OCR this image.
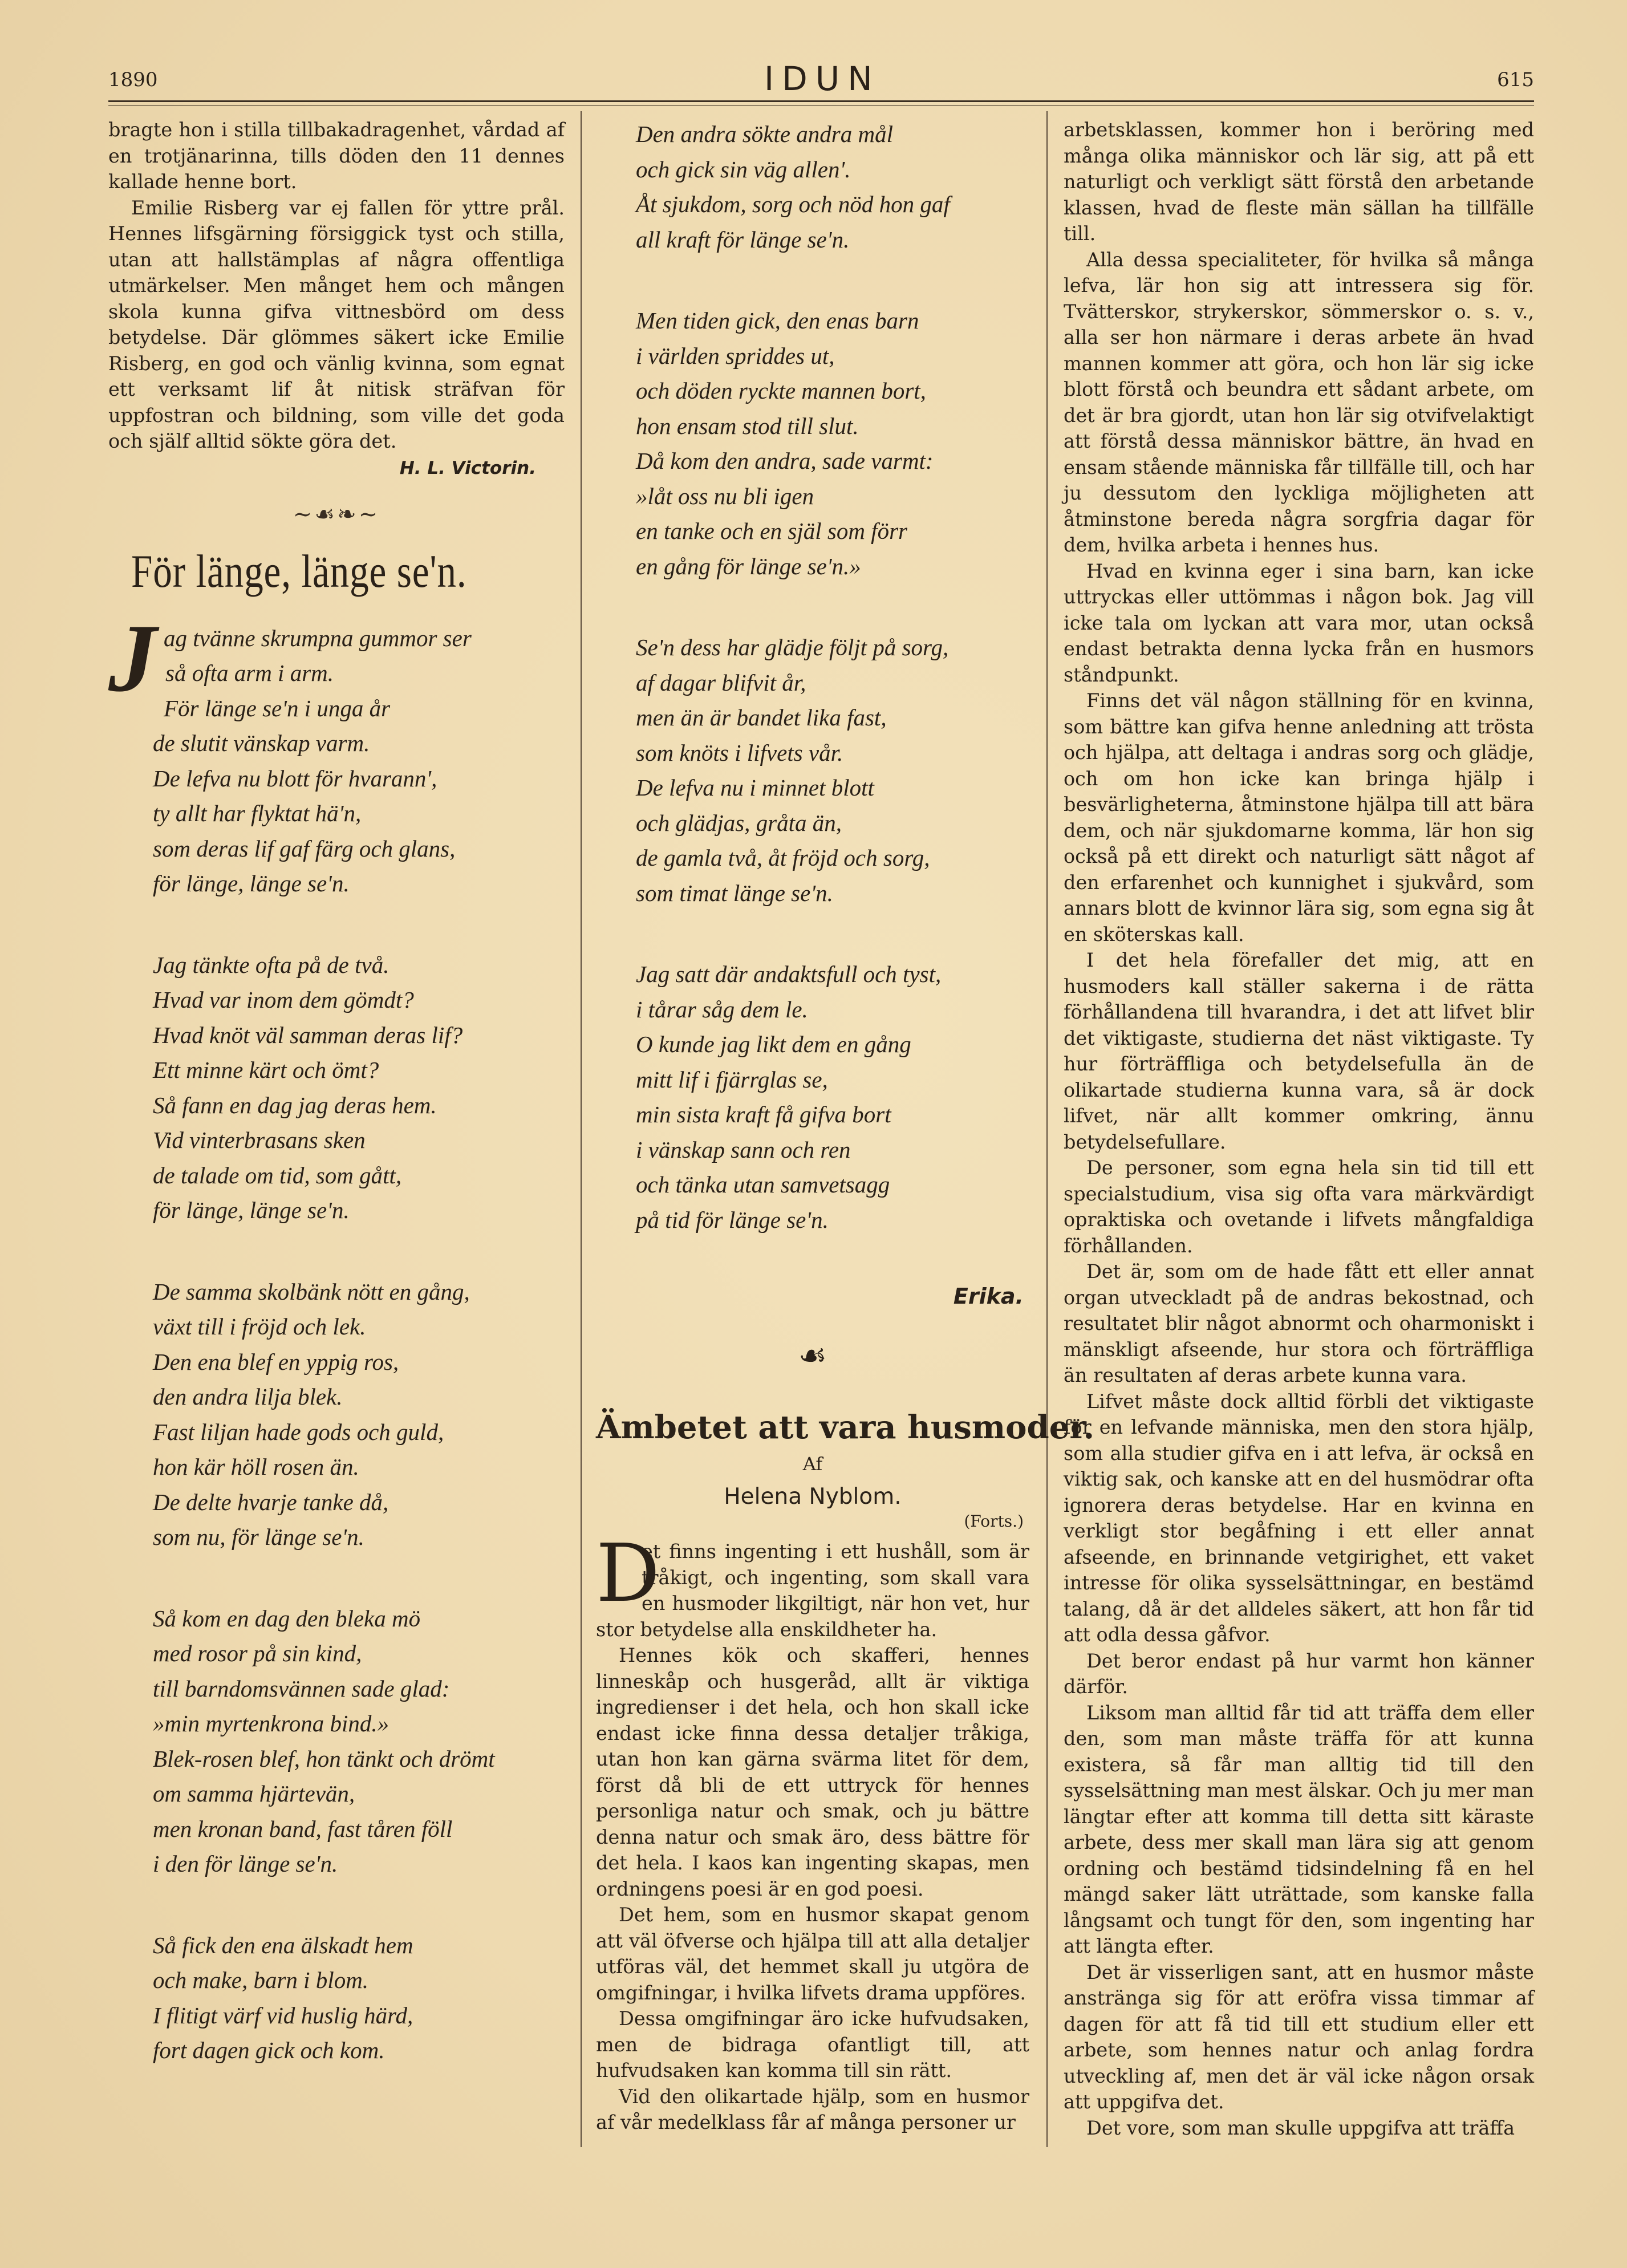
1890	IDUN	615

bragte hon i stilla tillbakadragenhet, vårdad af en trotjänarinna, tills döden den 11 dennes kallade henne bort.

Emilie Risberg var ej fallen för yttre prål. Hennes lifsgärning försiggick tyst och stilla, utan att hallstämplas af några offentliga utmärkelser. Men månget hem och mången skola kunna gifva vittnesbörd om dess betydelse. Där glömmes säkert icke Emilie Risberg, en god och vänlig kvinna, som egnat ett verksamt lif åt nitisk sträfvan för uppfostran och bildning, som ville det goda och själf alltid sökte göra det.

H. L. Victorin.
~☙❧~
För länge, länge se'n.
J ag tvänne skrumpna gummor ser
så ofta arm i arm.
För länge se'n i unga år
de slutit vänskap varm.
De lefva nu blott för hvarann',
ty allt har flyktat hä'n,
som deras lif gaf färg och glans,
för länge, länge se'n.
Jag tänkte ofta på de två.
Hvad var inom dem gömdt?
Hvad knöt väl samman deras lif?
Ett minne kärt och ömt?
Så fann en dag jag deras hem.
Vid vinterbrasans sken
de talade om tid, som gått,
för länge, länge se'n.
De samma skolbänk nött en gång,
växt till i fröjd och lek.
Den ena blef en yppig ros,
den andra lilja blek.
Fast liljan hade gods och guld,
hon kär höll rosen än.
De delte hvarje tanke då,
som nu, för länge se'n.
Så kom en dag den bleka mö
med rosor på sin kind,
till barndomsvännen sade glad:
»min myrtenkrona bind.»
Blek-rosen blef, hon tänkt och drömt
om samma hjärtevän,
men kronan band, fast tåren föll
i den för länge se'n.
Så fick den ena älskadt hem
och make, barn i blom.
I flitigt värf vid huslig härd,
fort dagen gick och kom.
Den andra sökte andra mål
och gick sin väg allen'.
Åt sjukdom, sorg och nöd hon gaf
all kraft för länge se'n.
Men tiden gick, den enas barn
i världen spriddes ut,
och döden ryckte mannen bort,
hon ensam stod till slut.
Då kom den andra, sade varmt:
»låt oss nu bli igen
en tanke och en själ som förr
en gång för länge se'n.»
Se'n dess har glädje följt på sorg,
af dagar blifvit år,
men än är bandet lika fast,
som knöts i lifvets vår.
De lefva nu i minnet blott
och glädjas, gråta än,
de gamla två, åt fröjd och sorg,
som timat länge se'n.
Jag satt där andaktsfull och tyst,
i tårar såg dem le.
O kunde jag likt dem en gång
mitt lif i fjärrglas se,
min sista kraft få gifva bort
i vänskap sann och ren
och tänka utan samvetsagg
på tid för länge se'n.
Erika.
☙
Ämbetet att vara husmoder.
Af
Helena Nyblom.
(Forts.)

D
et finns ingenting i ett hushåll, som är tråkigt, och ingenting, som skall vara en husmoder likgiltigt, när hon vet, hur stor betydelse alla enskildheter ha.

Hennes kök och skafferi, hennes linneskåp och husgeråd, allt är viktiga ingredienser i det hela, och hon skall icke endast icke finna dessa detaljer tråkiga, utan hon kan gärna svärma litet för dem, först då bli de ett uttryck för hennes personliga natur och smak, och ju bättre denna natur och smak äro, dess bättre för det hela. I kaos kan ingenting skapas, men ordningens poesi är en god poesi.

Det hem, som en husmor skapat genom att väl öfverse och hjälpa till att alla detaljer utföras väl, det hemmet skall ju utgöra de omgifningar, i hvilka lifvets drama uppföres.

Dessa omgifningar äro icke hufvudsaken, men de bidraga ofantligt till, att hufvudsaken kan komma till sin rätt.

Vid den olikartade hjälp, som en husmor af vår medelklass får af många personer ur

arbetsklassen, kommer hon i beröring med många olika människor och lär sig, att på ett naturligt och verkligt sätt förstå den arbetande klassen, hvad de fleste män sällan ha tillfälle till.

Alla dessa specialiteter, för hvilka så många lefva, lär hon sig att intressera sig för. Tvätterskor, strykerskor, sömmerskor o. s. v., alla ser hon närmare i deras arbete än hvad mannen kommer att göra, och hon lär sig icke blott förstå och beundra ett sådant arbete, om det är bra gjordt, utan hon lär sig otvifvelaktigt att förstå dessa människor bättre, än hvad en ensam stående människa får tillfälle till, och har ju dessutom den lyckliga möjligheten att åtminstone bereda några sorgfria dagar för dem, hvilka arbeta i hennes hus.

Hvad en kvinna eger i sina barn, kan icke uttryckas eller uttömmas i någon bok. Jag vill icke tala om lyckan att vara mor, utan också endast betrakta denna lycka från en husmors ståndpunkt.

Finns det väl någon ställning för en kvinna, som bättre kan gifva henne anledning att trösta och hjälpa, att deltaga i andras sorg och glädje, och om hon icke kan bringa hjälp i besvärligheterna, åtminstone hjälpa till att bära dem, och när sjukdomarne komma, lär hon sig också på ett direkt och naturligt sätt något af den erfarenhet och kunnighet i sjukvård, som annars blott de kvinnor lära sig, som egna sig åt en sköterskas kall.

I det hela förefaller det mig, att en husmoders kall ställer sakerna i de rätta förhållandena till hvarandra, i det att lifvet blir det viktigaste, studierna det näst viktigaste. Ty hur förträffliga och betydelsefulla än de olikartade studierna kunna vara, så är dock lifvet, när allt kommer omkring, ännu betydelsefullare.

De personer, som egna hela sin tid till ett specialstudium, visa sig ofta vara märkvärdigt opraktiska och ovetande i lifvets mångfaldiga förhållanden.

Det är, som om de hade fått ett eller annat organ utveckladt på de andras bekostnad, och resultatet blir något abnormt och oharmoniskt i mänskligt afseende, hur stora och förträffliga än resultaten af deras arbete kunna vara.

Lifvet måste dock alltid förbli det viktigaste för en lefvande människa, men den stora hjälp, som alla studier gifva en i att lefva, är också en viktig sak, och kanske att en del husmödrar ofta ignorera deras betydelse. Har en kvinna en verkligt stor begåfning i ett eller annat afseende, en brinnande vetgirighet, ett vaket intresse för olika sysselsättningar, en bestämd talang, då är det alldeles säkert, att hon får tid att odla dessa gåfvor.

Det beror endast på hur varmt hon känner därför.

Liksom man alltid får tid att träffa dem eller den, som man måste träffa för att kunna existera, så får man alltig tid till den sysselsättning man mest älskar. Och ju mer man längtar efter att komma till detta sitt käraste arbete, dess mer skall man lära sig att genom ordning och bestämd tidsindelning få en hel mängd saker lätt uträttade, som kanske falla långsamt och tungt för den, som ingenting har att längta efter.

Det är visserligen sant, att en husmor måste anstränga sig för att eröfra vissa timmar af dagen för att få tid till ett studium eller ett arbete, som hennes natur och anlag fordra utveckling af, men det är väl icke någon orsak att uppgifva det.

Det vore, som man skulle uppgifva att träffa
